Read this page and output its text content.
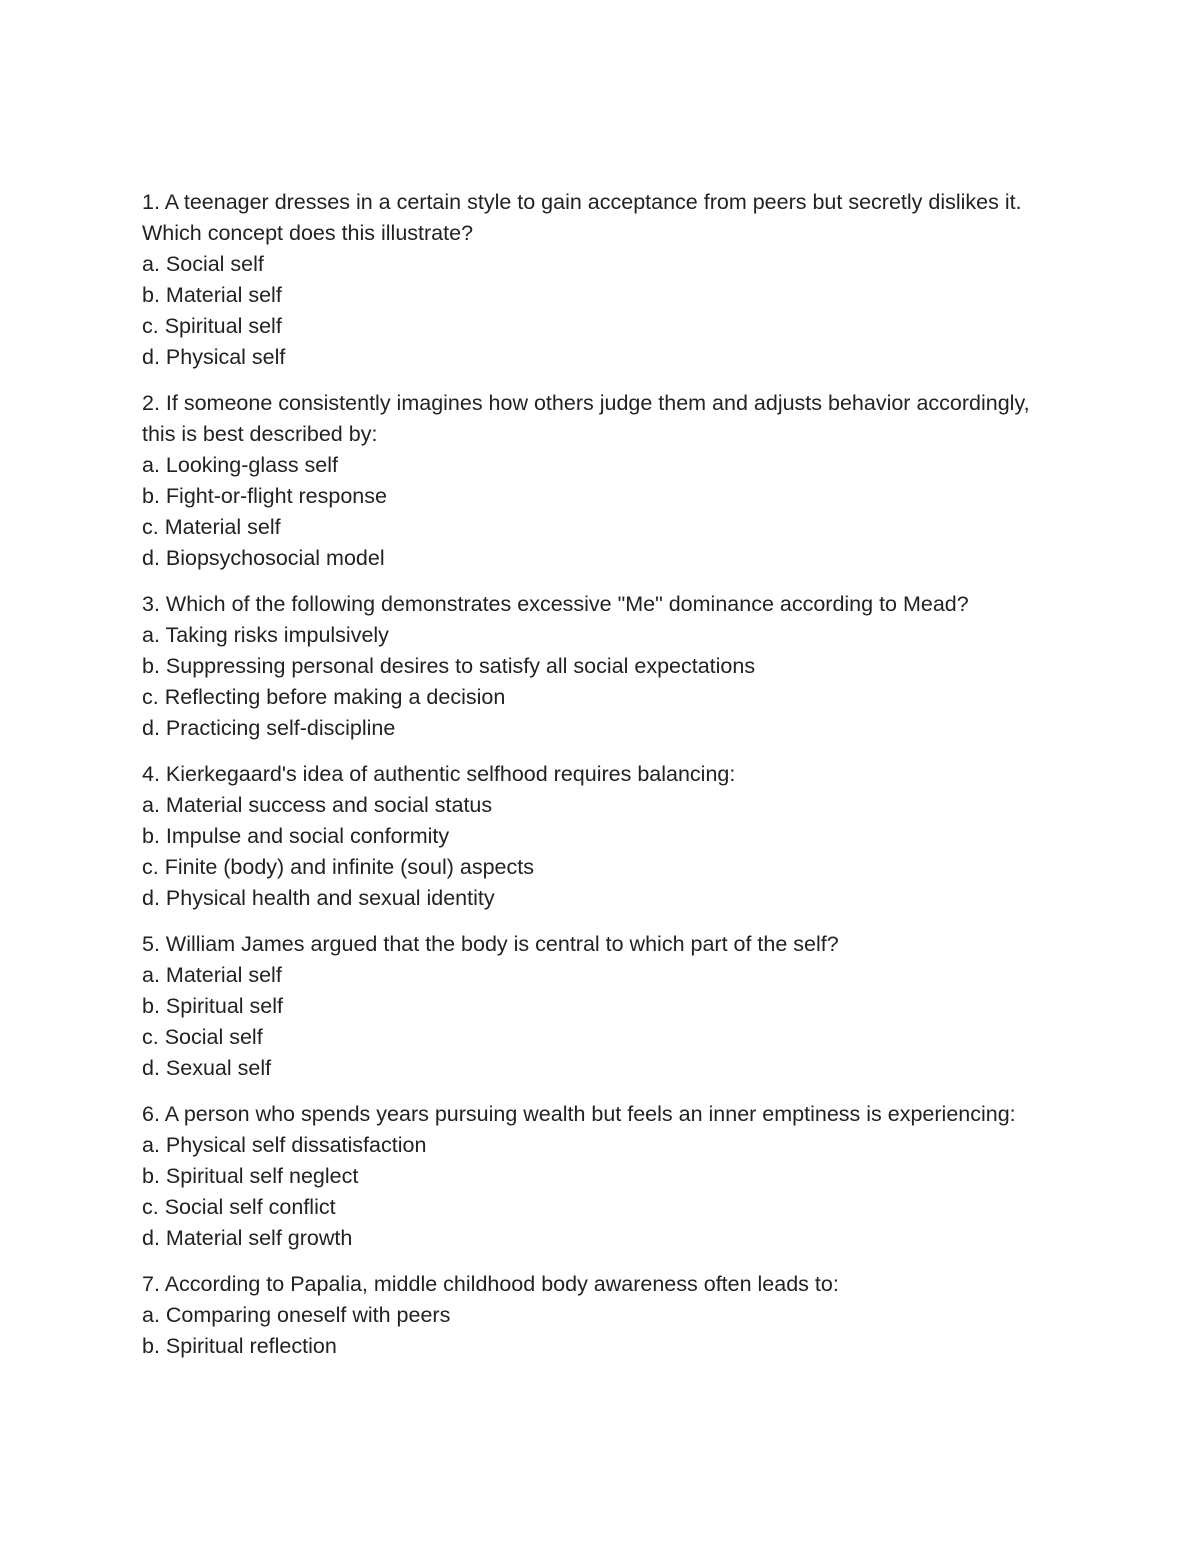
1. A teenager dresses in a certain style to gain acceptance from peers but secretly dislikes it. Which concept does this illustrate?

a. Social self

b. Material self

c. Spiritual self

d. Physical self

2. If someone consistently imagines how others judge them and adjusts behavior accordingly, this is best described by:

a. Looking-glass self

b. Fight-or-flight response

c. Material self

d. Biopsychosocial model

3. Which of the following demonstrates excessive "Me" dominance according to Mead?

a. Taking risks impulsively

b. Suppressing personal desires to satisfy all social expectations

c. Reflecting before making a decision

d. Practicing self-discipline

4. Kierkegaard's idea of authentic selfhood requires balancing:

a. Material success and social status

b. Impulse and social conformity

c. Finite (body) and infinite (soul) aspects

d. Physical health and sexual identity

5. William James argued that the body is central to which part of the self?

a. Material self

b. Spiritual self

c. Social self

d. Sexual self

6. A person who spends years pursuing wealth but feels an inner emptiness is experiencing:

a. Physical self dissatisfaction

b. Spiritual self neglect

c. Social self conflict

d. Material self growth

7. According to Papalia, middle childhood body awareness often leads to:

a. Comparing oneself with peers

b. Spiritual reflection
